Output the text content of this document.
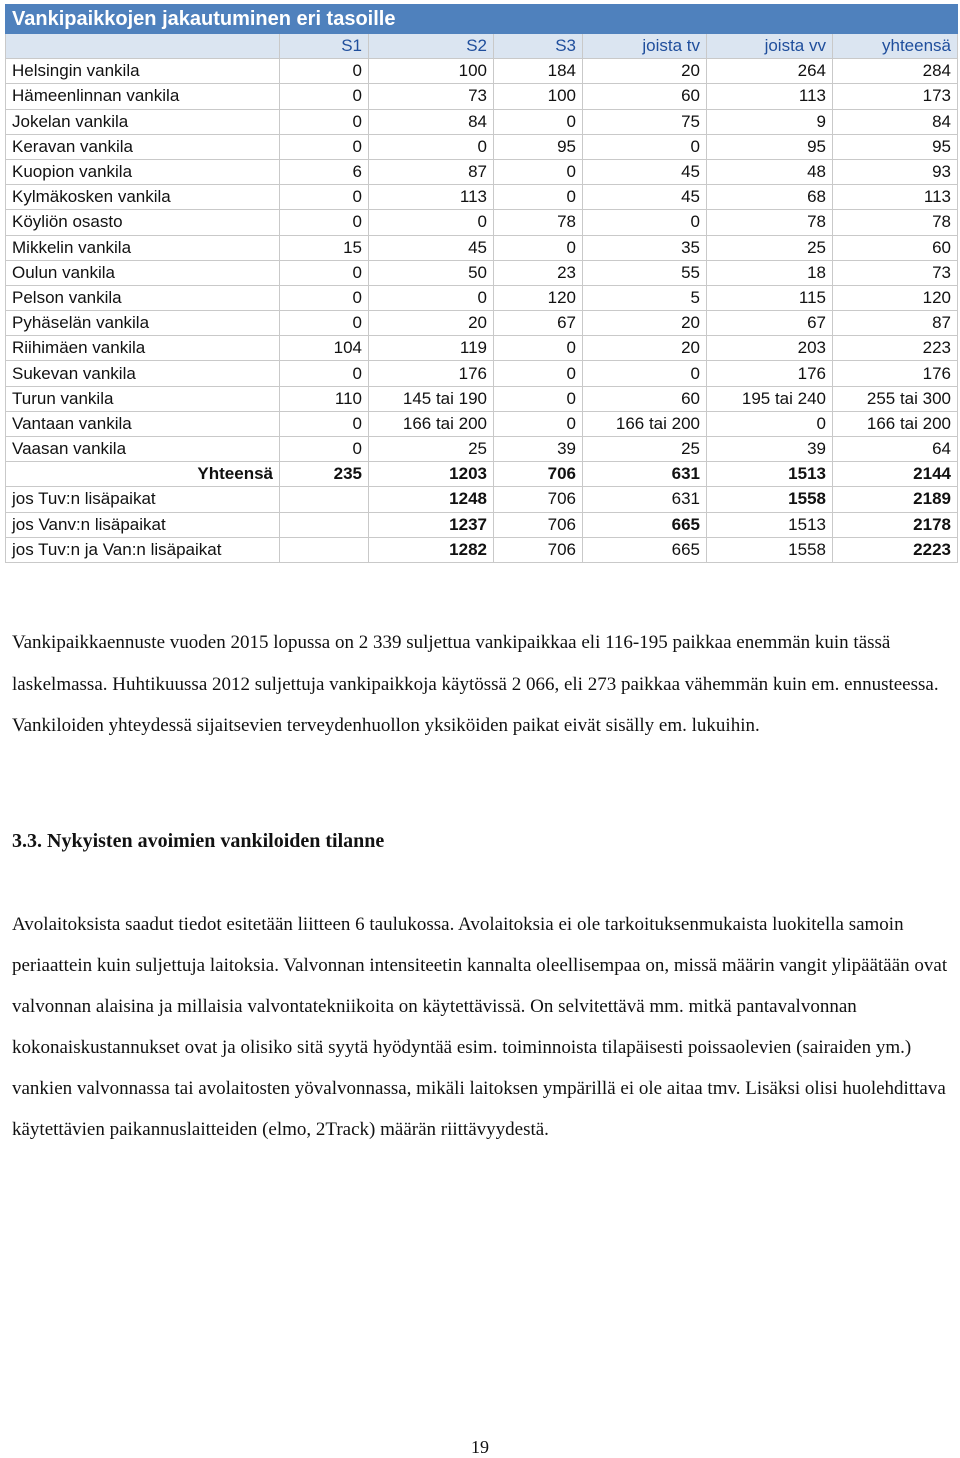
Vankipaikkojen jakautuminen eri tasoille						
	S1	S2	S3	joista tv	joista vv	yhteensä
Helsingin vankila	0	100	184	20	264	284
Hämeenlinnan vankila	0	73	100	60	113	173
Jokelan vankila	0	84	0	75	9	84
Keravan vankila	0	0	95	0	95	95
Kuopion vankila	6	87	0	45	48	93
Kylmäkosken vankila	0	113	0	45	68	113
Köyliön osasto	0	0	78	0	78	78
Mikkelin vankila	15	45	0	35	25	60
Oulun vankila	0	50	23	55	18	73
Pelson vankila	0	0	120	5	115	120
Pyhäselän vankila	0	20	67	20	67	87
Riihimäen vankila	104	119	0	20	203	223
Sukevan vankila	0	176	0	0	176	176
Turun vankila	110	145 tai 190	0	60	195 tai 240	255 tai 300
Vantaan vankila	0	166 tai 200	0	166 tai 200	0	166 tai 200
Vaasan vankila	0	25	39	25	39	64
Yhteensä	235	1203	706	631	1513	2144
jos Tuv:n lisäpaikat		1248	706	631	1558	2189
jos Vanv:n lisäpaikat		1237	706	665	1513	2178
jos Tuv:n ja Van:n lisäpaikat		1282	706	665	1558	2223
Vankipaikkaennuste vuoden 2015 lopussa on 2 339 suljettua vankipaikkaa eli 116-195 paikkaa enemmän kuin tässä laskelmassa. Huhtikuussa 2012 suljettuja vankipaikkoja käytössä 2 066, eli 273 paikkaa vähemmän kuin em. ennusteessa. Vankiloiden yhteydessä sijaitsevien terveydenhuollon yksiköiden paikat eivät sisälly em. lukuihin.
3.3. Nykyisten avoimien vankiloiden tilanne
Avolaitoksista saadut tiedot esitetään liitteen 6 taulukossa. Avolaitoksia ei ole tarkoituksenmukaista luokitella samoin periaattein kuin suljettuja laitoksia. Valvonnan intensiteetin kannalta oleellisempaa on, missä määrin vangit ylipäätään ovat valvonnan alaisina ja millaisia valvontatekniikoita on käytettävissä. On selvitettävä mm. mitkä pantavalvonnan kokonaiskustannukset ovat ja olisiko sitä syytä hyödyntää esim. toiminnoista tilapäisesti poissaolevien (sairaiden ym.) vankien valvonnassa tai avolaitosten yövalvonnassa, mikäli laitoksen ympärillä ei ole aitaa tmv. Lisäksi olisi huolehdittava käytettävien paikannuslaitteiden (elmo, 2Track) määrän riittävyydestä.
19
